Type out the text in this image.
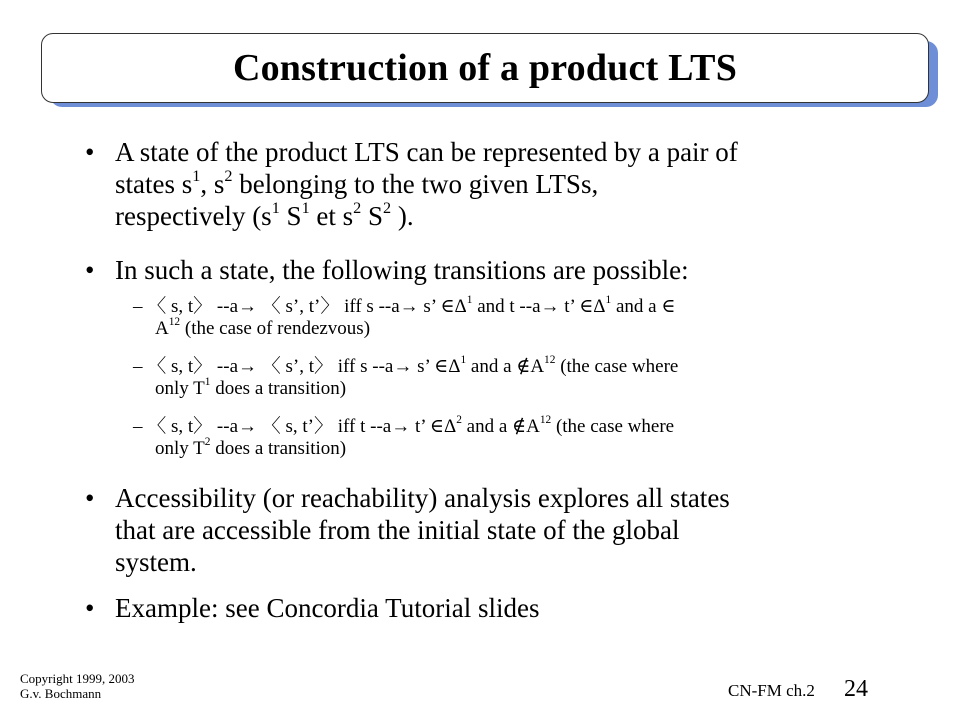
Construction of a product LTS
• A state of the product LTS can be represented by a pair of
states $s^1$, $s^2$ belonging to the two given LTSs,
respectively ($s^1$ $S^1$ et $s^2$ $S^2$ ).
• In such a state, the following transitions are possible:
– 〈 s, t〉 --a→ 〈 s’, t’〉 iff s --a→ s’ $\in\Delta^1$ and t --a→ t’ $\in\Delta^1$ and a ∈
$A^{12}$ (the case of rendezvous)
– 〈 s, t〉 --a→ 〈 s’, t〉 iff s --a→ s’ $\in\Delta^1$ and a $\notin A^{12}$ (the case where
only $T^1$ does a transition)
– 〈 s, t〉 --a→ 〈 s, t’〉 iff t --a→ t’ $\in\Delta^2$ and a $\notin A^{12}$ (the case where
only $T^2$ does a transition)
• Accessibility (or reachability) analysis explores all states
that are accessible from the initial state of the global
system.
• Example: see Concordia Tutorial slides
Copyright 1999, 2003
G.v. Bochmann	CN-FM ch.2 24
